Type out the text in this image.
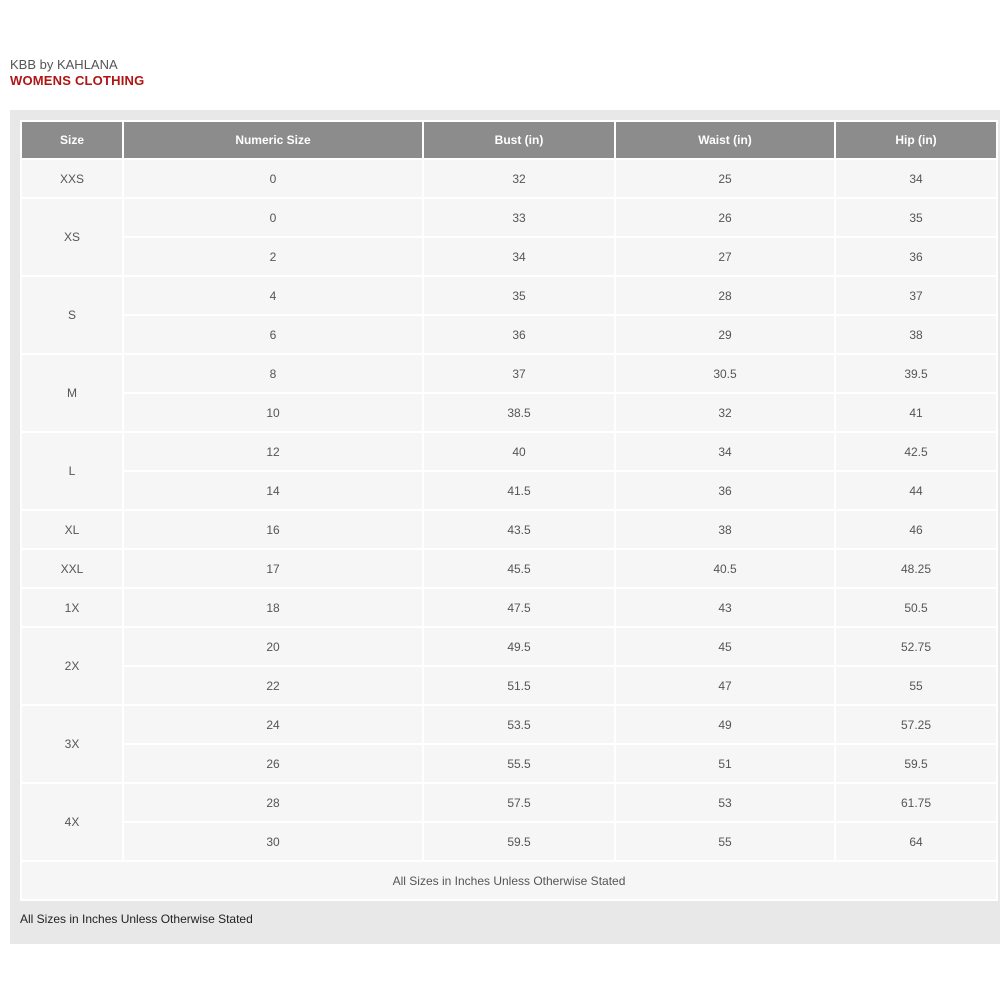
KBB by KAHLANA
WOMENS CLOTHING
Size	Numeric Size	Bust (in)	Waist (in)	Hip (in)
XXS	0	32	25	34
XS	0	33	26	35
	2	34	27	36
S	4	35	28	37
	6	36	29	38
M	8	37	30.5	39.5
	10	38.5	32	41
L	12	40	34	42.5
	14	41.5	36	44
XL	16	43.5	38	46
XXL	17	45.5	40.5	48.25
1X	18	47.5	43	50.5
2X	20	49.5	45	52.75
	22	51.5	47	55
3X	24	53.5	49	57.25
	26	55.5	51	59.5
4X	28	57.5	53	61.75
	30	59.5	55	64
All Sizes in Inches Unless Otherwise Stated				
All Sizes in Inches Unless Otherwise Stated
